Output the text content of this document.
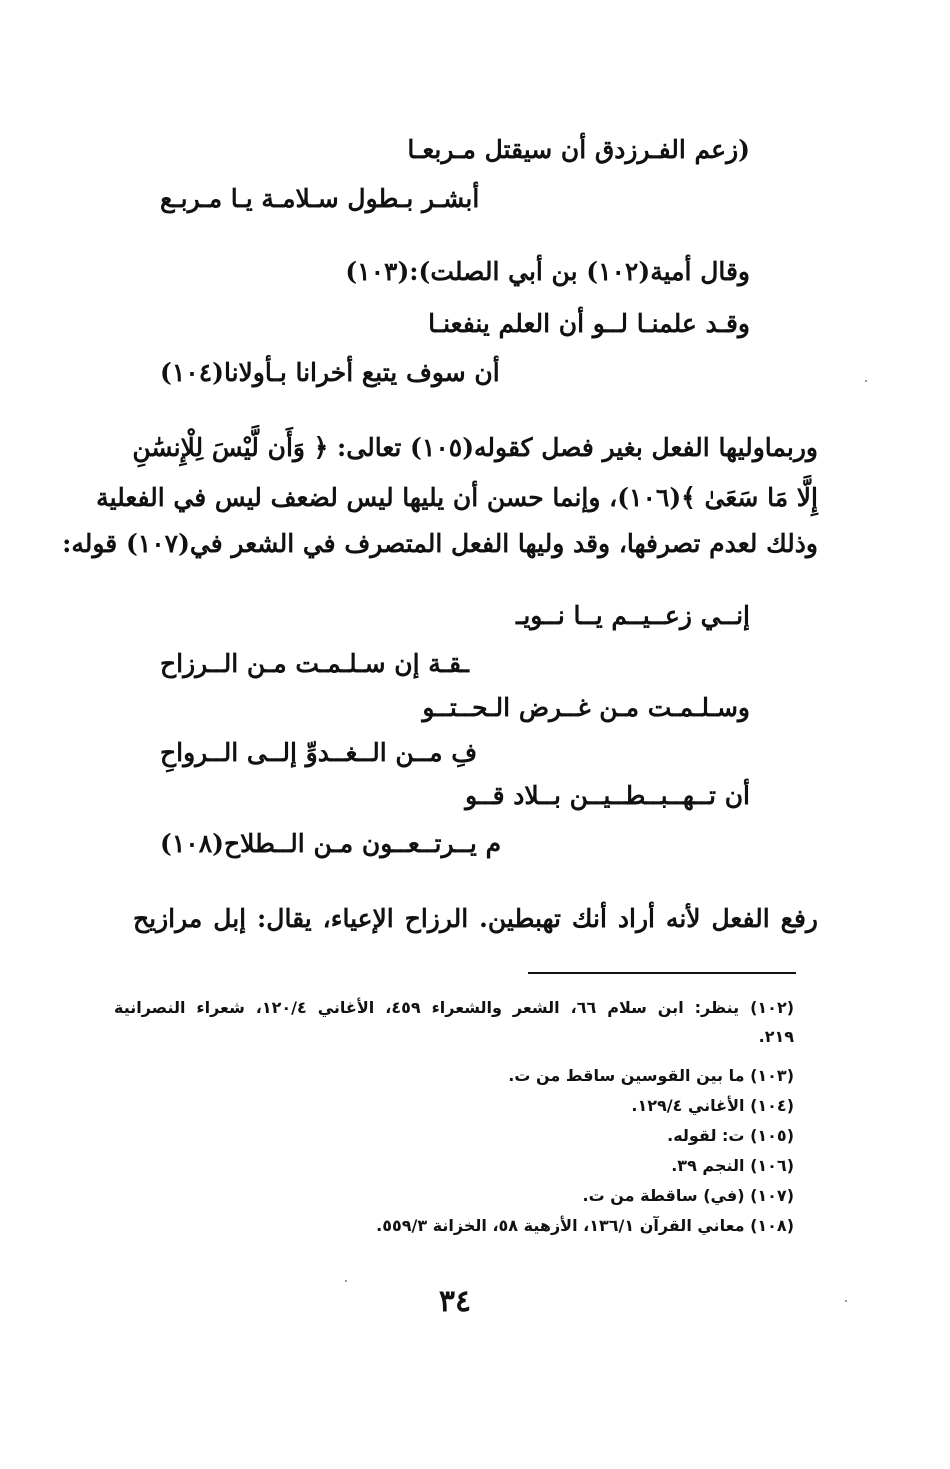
(زعم الفـرزدق أن سيقتل مـربعـا
أبشـر بـطول سـلامـة يـا مـربـع
وقال أمية(١٠٢) بن أبي الصلت):(١٠٣)
وقـد علمنـا لــو أن العلم ينفعنـا
أن سوف يتبع أخرانا بـأولانا(١٠٤)
وربماوليها الفعل بغير فصل كقوله(١٠٥) تعالى: ﴿ وَأَن لَّيْسَ لِلْإِنسَٰنِ
إِلَّا مَا سَعَىٰ ﴾(١٠٦)، وإنما حسن أن يليها ليس لضعف ليس في الفعلية
وذلك لعدم تصرفها، وقد وليها الفعل المتصرف في الشعر في(١٠٧) قوله:
إنــي زعــيــم يــا نــويـ
ـقـة إن سـلـمـت مـن الــرزاح
وسـلـمـت مـن غــرض الـحــتــو
فِ مــن الــغــدوِّ إلــى الــرواحِ
أن تــهــبــطــيــن بــلاد قــو
م يــرتــعــون مـن الــطلاح(١٠٨)
رفع الفعل لأنه أراد أنك تهبطين. الرزاح الإعياء، يقال: إبل مرازيح
(١٠٢) ينظر: ابن سلام ٦٦، الشعر والشعراء ٤٥٩، الأغاني ١٢٠/٤، شعراء النصرانية
٢١٩.
(١٠٣) ما بين القوسين ساقط من ت.
(١٠٤) الأغاني ١٢٩/٤.
(١٠٥) ت: لقوله.
(١٠٦) النجم ٣٩.
(١٠٧) (في) ساقطة من ت.
(١٠٨) معاني القرآن ١٣٦/١، الأزهية ٥٨، الخزانة ٥٥٩/٣.
٣٤
